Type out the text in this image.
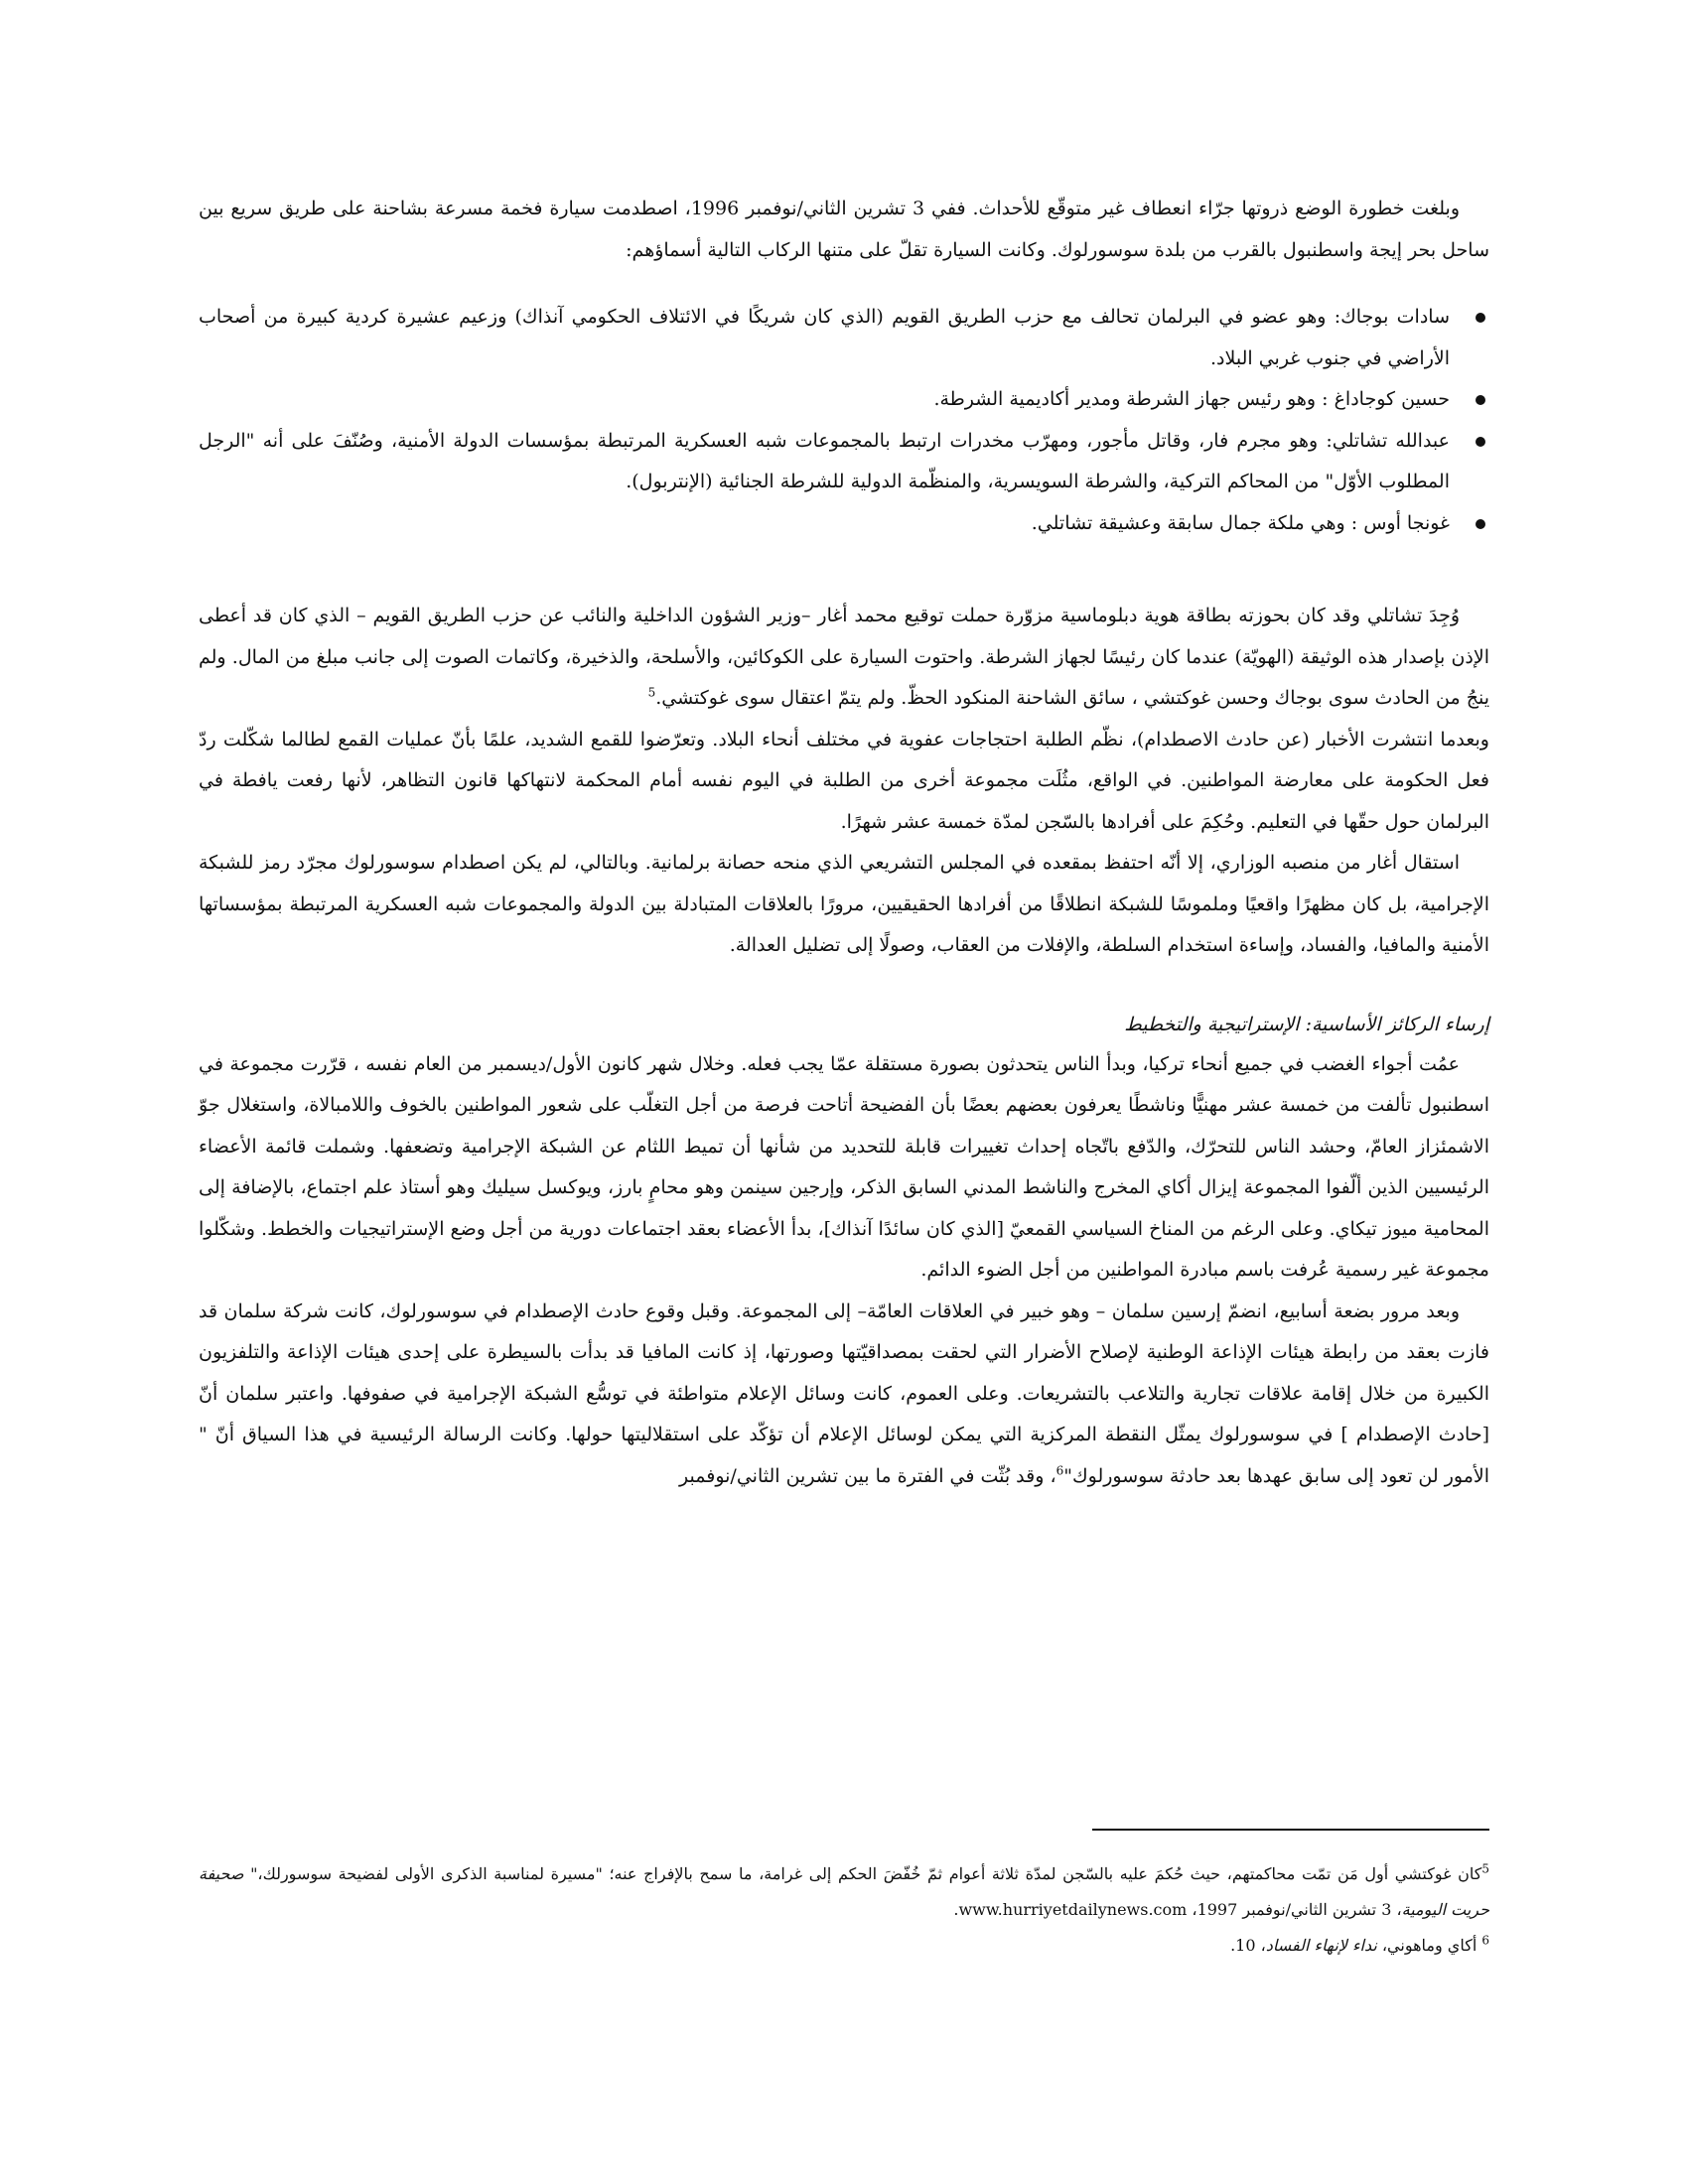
وبلغت خطورة الوضع ذروتها جرّاء انعطاف غير متوقّع للأحداث. ففي 3 تشرين الثاني/نوفمبر 1996، اصطدمت سيارة فخمة مسرعة بشاحنة على طريق سريع بين ساحل بحر إيجة واسطنبول بالقرب من بلدة سوسورلوك. وكانت السيارة تقلّ على متنها الركاب التالية أسماؤهم:

سادات بوجاك: وهو عضو في البرلمان تحالف مع حزب الطريق القويم (الذي كان شريكًا في الائتلاف الحكومي آنذاك) وزعيم عشيرة كردية كبيرة من أصحاب الأراضي في جنوب غربي البلاد.
حسين كوجاداغ : وهو رئيس جهاز الشرطة ومدير أكاديمية الشرطة.
عبدالله تشاتلي: وهو مجرم فار، وقاتل مأجور، ومهرّب مخدرات ارتبط بالمجموعات شبه العسكرية المرتبطة بمؤسسات الدولة الأمنية، وصُنّفَ على أنه "الرجل المطلوب الأوّل" من المحاكم التركية، والشرطة السويسرية، والمنظّمة الدولية للشرطة الجنائية (الإنتربول).
غونجا أوس : وهي ملكة جمال سابقة وعشيقة تشاتلي.

وُجِدَ تشاتلي وقد كان بحوزته بطاقة هوية دبلوماسية مزوّرة حملت توقيع محمد أغار –وزير الشؤون الداخلية والنائب عن حزب الطريق القويم – الذي كان قد أعطى الإذن بإصدار هذه الوثيقة (الهويّة) عندما كان رئيسًا لجهاز الشرطة. واحتوت السيارة على الكوكائين، والأسلحة، والذخيرة، وكاتمات الصوت إلى جانب مبلغ من المال. ولم ينجُ من الحادث سوى بوجاك وحسن غوكتشي ، سائق الشاحنة المنكود الحظّ. ولم يتمّ اعتقال سوى غوكتشي.$^5$

وبعدما انتشرت الأخبار (عن حادث الاصطدام)، نظّم الطلبة احتجاجات عفوية في مختلف أنحاء البلاد. وتعرّضوا للقمع الشديد، علمًا بأنّ عمليات القمع لطالما شكّلت ردّ فعل الحكومة على معارضة المواطنين. في الواقع، مثُلَت مجموعة أخرى من الطلبة في اليوم نفسه أمام المحكمة لانتهاكها قانون التظاهر، لأنها رفعت يافطة في البرلمان حول حقّها في التعليم. وحُكِمَ على أفرادها بالسّجن لمدّة خمسة عشر شهرًا.

استقال أغار من منصبه الوزاري، إلا أنّه احتفظ بمقعده في المجلس التشريعي الذي منحه حصانة برلمانية. وبالتالي، لم يكن اصطدام سوسورلوك مجرّد رمز للشبكة الإجرامية، بل كان مظهرًا واقعيًا وملموسًا للشبكة انطلاقًا من أفرادها الحقيقيين، مرورًا بالعلاقات المتبادلة بين الدولة والمجموعات شبه العسكرية المرتبطة بمؤسساتها الأمنية والمافيا، والفساد، وإساءة استخدام السلطة، والإفلات من العقاب، وصولًا إلى تضليل العدالة.

إرساء الركائز الأساسية: الإستراتيجية والتخطيط

عمُت أجواء الغضب في جميع أنحاء تركيا، وبدأ الناس يتحدثون بصورة مستقلة عمّا يجب فعله. وخلال شهر كانون الأول/ديسمبر من العام نفسه ، قرّرت مجموعة في اسطنبول تألفت من خمسة عشر مهنيًّا وناشطًا يعرفون بعضهم بعضًا بأن الفضيحة أتاحت فرصة من أجل التغلّب على شعور المواطنين بالخوف واللامبالاة، واستغلال جوّ الاشمئزاز العامّ، وحشد الناس للتحرّك، والدّفع باتّجاه إحداث تغييرات قابلة للتحديد من شأنها أن تميط اللثام عن الشبكة الإجرامية وتضعفها. وشملت قائمة الأعضاء الرئيسيين الذين ألّفوا المجموعة إيزال أكاي المخرج والناشط المدني السابق الذكر، وإرجين سينمن وهو محامٍ بارز، ويوكسل سيليك وهو أستاذ علم اجتماع، بالإضافة إلى المحامية ميوز تيكاي. وعلى الرغم من المناخ السياسي القمعيّ [الذي كان سائدًا آنذاك]، بدأ الأعضاء بعقد اجتماعات دورية من أجل وضع الإستراتيجيات والخطط. وشكّلوا مجموعة غير رسمية عُرفت باسم مبادرة المواطنين من أجل الضوء الدائم.

وبعد مرور بضعة أسابيع، انضمّ إرسين سلمان – وهو خبير في العلاقات العامّة– إلى المجموعة. وقبل وقوع حادث الإصطدام في سوسورلوك، كانت شركة سلمان قد فازت بعقد من رابطة هيئات الإذاعة الوطنية لإصلاح الأضرار التي لحقت بمصداقيّتها وصورتها، إذ كانت المافيا قد بدأت بالسيطرة على إحدى هيئات الإذاعة والتلفزيون الكبيرة من خلال إقامة علاقات تجارية والتلاعب بالتشريعات. وعلى العموم، كانت وسائل الإعلام متواطئة في توسُّع الشبكة الإجرامية في صفوفها. واعتبر سلمان أنّ [حادث الإصطدام ] في سوسورلوك يمثّل النقطة المركزية التي يمكن لوسائل الإعلام أن تؤكّد على استقلاليتها حولها. وكانت الرسالة الرئيسية في هذا السياق أنّ " الأمور لن تعود إلى سابق عهدها بعد حادثة سوسورلوك"$^6$، وقد بُثّت في الفترة ما بين تشرين الثاني/نوفمبر

$^5$كان غوكتشي أول مَن تمّت محاكمتهم، حيث حُكمَ عليه بالسّجن لمدّة ثلاثة أعوام ثمّ خُفّضَ الحكم إلى غرامة، ما سمح بالإفراج عنه؛ "مسيرة لمناسبة الذكرى الأولى لفضيحة سوسورلك،" صحيفة حريت اليومية، 3 تشرين الثاني/نوفمبر 1997، www.hurriyetdailynews.com.

$^6$ أكاي وماهوني، نداء لإنهاء الفساد، 10.
